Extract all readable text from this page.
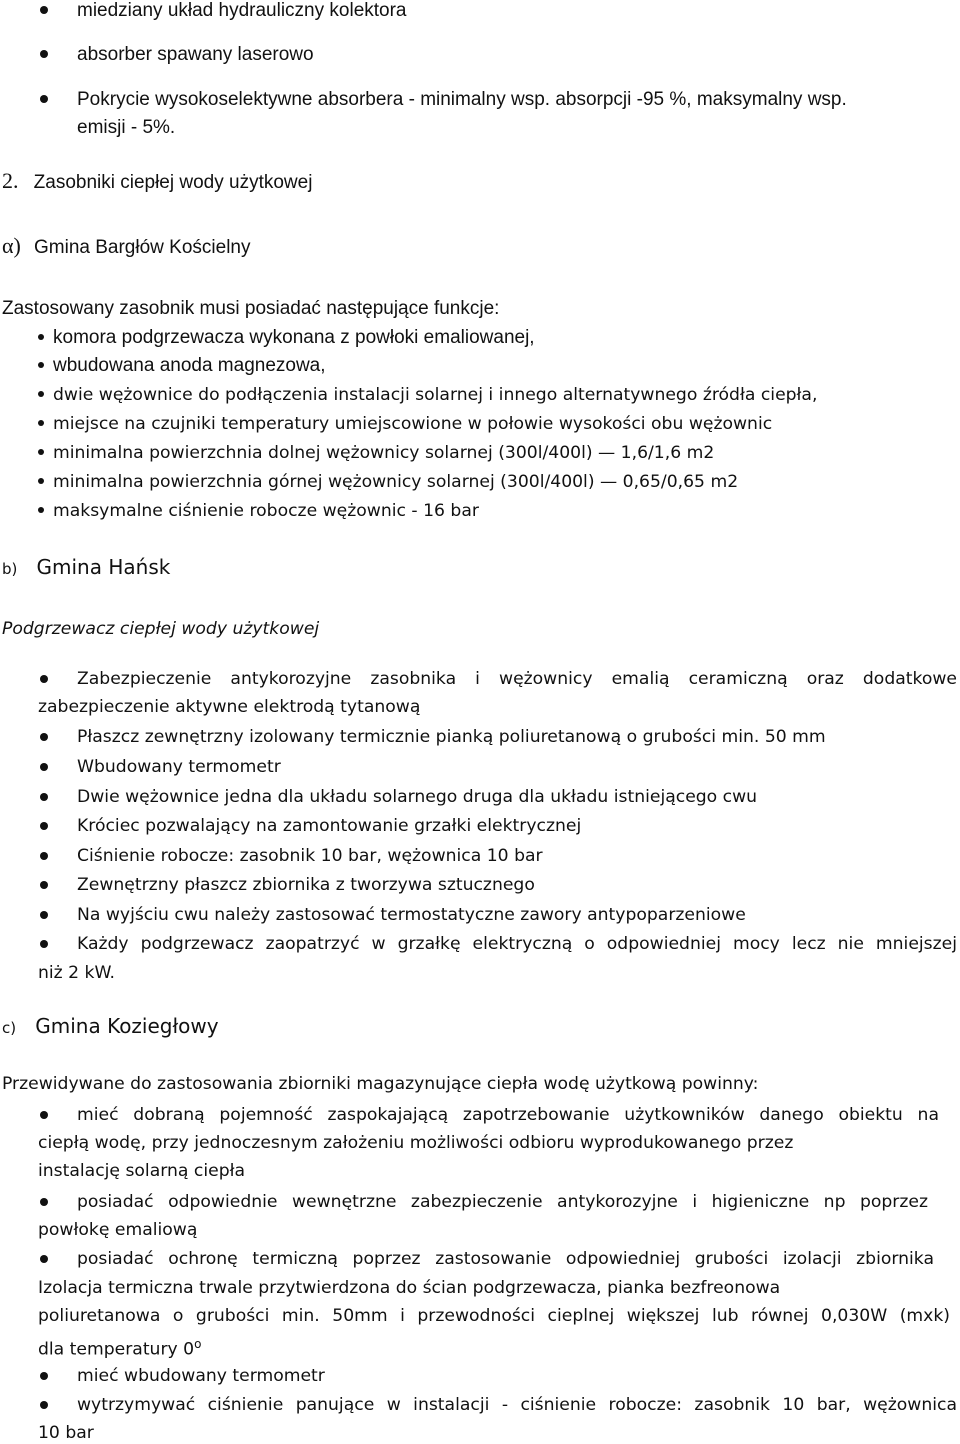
miedziany układ hydrauliczny kolektora
absorber spawany laserowo
Pokrycie wysokoselektywne absorbera - minimalny wsp. absorpcji -95 %, maksymalny wsp.
emisji - 5%.
2. Zasobniki ciepłej wody użytkowej
α) Gmina Bargłów Kościelny
Zastosowany zasobnik musi posiadać następujące funkcje:
komora podgrzewacza wykonana z powłoki emaliowanej,
wbudowana anoda magnezowa,
dwie wężownice do podłączenia instalacji solarnej i innego alternatywnego źródła ciepła,
miejsce na czujniki temperatury umiejscowione w połowie wysokości obu wężownic
minimalna powierzchnia dolnej wężownicy solarnej (300l/400l) — 1,6/1,6 m2
minimalna powierzchnia górnej wężownicy solarnej (300l/400l) — 0,65/0,65 m2
maksymalne ciśnienie robocze wężownic - 16 bar
b) Gmina Hańsk
Podgrzewacz ciepłej wody użytkowej
Zabezpieczenie antykorozyjne zasobnika i wężownicy emalią ceramiczną oraz dodatkowe
zabezpieczenie aktywne elektrodą tytanową
Płaszcz zewnętrzny izolowany termicznie pianką poliuretanową o grubości min. 50 mm
Wbudowany termometr
Dwie wężownice jedna dla układu solarnego druga dla układu istniejącego cwu
Króciec pozwalający na zamontowanie grzałki elektrycznej
Ciśnienie robocze: zasobnik 10 bar, wężownica 10 bar
Zewnętrzny płaszcz zbiornika z tworzywa sztucznego
Na wyjściu cwu należy zastosować termostatyczne zawory antypoparzeniowe
Każdy podgrzewacz zaopatrzyć w grzałkę elektryczną o odpowiedniej mocy lecz nie mniejszej
niż 2 kW.
c) Gmina Koziegłowy
Przewidywane do zastosowania zbiorniki magazynujące ciepła wodę użytkową powinny:
mieć dobraną pojemność zaspokajającą zapotrzebowanie użytkowników danego obiektu na
ciepłą wodę, przy jednoczesnym założeniu możliwości odbioru wyprodukowanego przez
instalację solarną ciepła
posiadać odpowiednie wewnętrzne zabezpieczenie antykorozyjne i higieniczne np poprzez
powłokę emaliową
posiadać ochronę termiczną poprzez zastosowanie odpowiedniej grubości izolacji zbiornika
Izolacja termiczna trwale przytwierdzona do ścian podgrzewacza, pianka bezfreonowa
poliuretanowa o grubości min. 50mm i przewodności cieplnej większej lub równej 0,030W (mxk)
dla temperatury 0$^o$
mieć wbudowany termometr
wytrzymywać ciśnienie panujące w instalacji - ciśnienie robocze: zasobnik 10 bar, wężownica
10 bar
